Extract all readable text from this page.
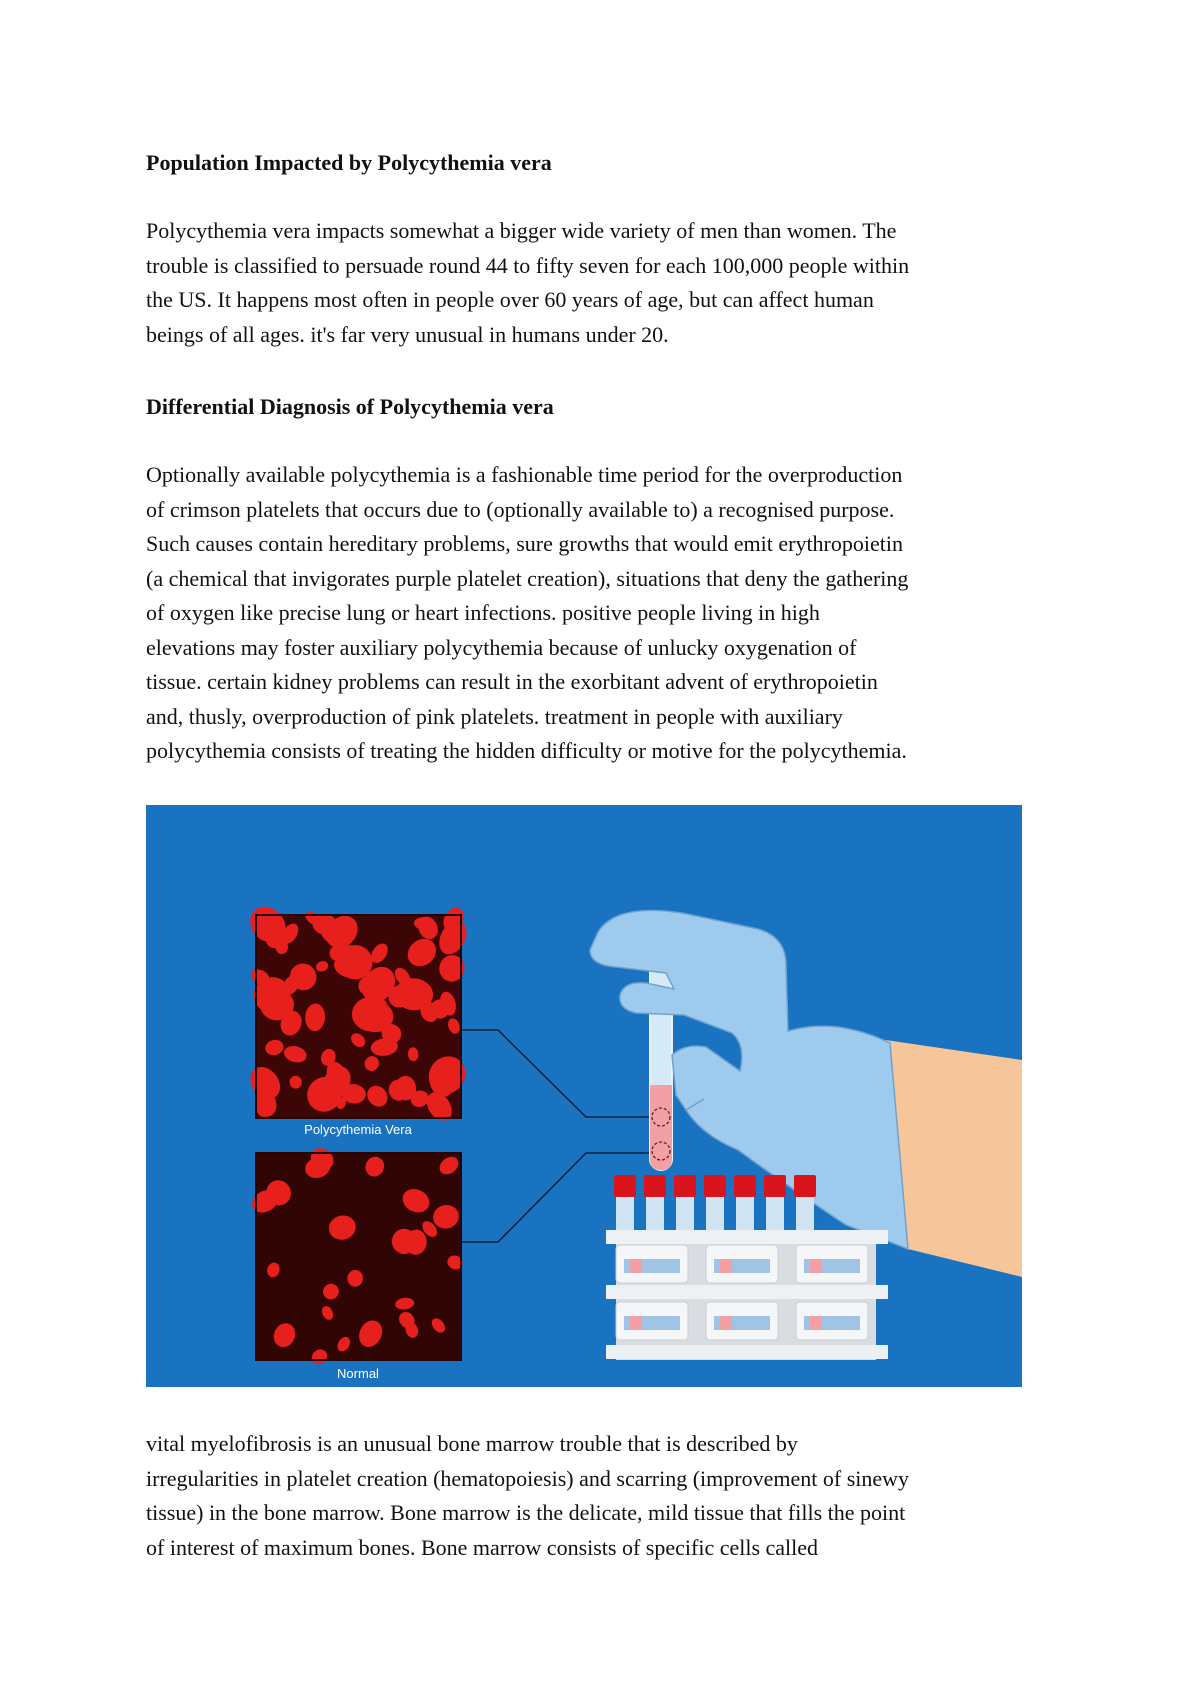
Population Impacted by Polycythemia vera

Polycythemia vera impacts somewhat a bigger wide variety of men than women. The
trouble is classified to persuade round 44 to fifty seven for each 100,000 people within
the US. It happens most often in people over 60 years of age, but can affect human
beings of all ages. it's far very unusual in humans under 20.

Differential Diagnosis of Polycythemia vera

Optionally available polycythemia is a fashionable time period for the overproduction
of crimson platelets that occurs due to (optionally available to) a recognised purpose.
Such causes contain hereditary problems, sure growths that would emit erythropoietin
(a chemical that invigorates purple platelet creation), situations that deny the gathering
of oxygen like precise lung or heart infections. positive people living in high
elevations may foster auxiliary polycythemia because of unlucky oxygenation of
tissue. certain kidney problems can result in the exorbitant advent of erythropoietin
and, thusly, overproduction of pink platelets. treatment in people with auxiliary
polycythemia consists of treating the hidden difficulty or motive for the polycythemia.

Polycythemia Vera
Normal

vital myelofibrosis is an unusual bone marrow trouble that is described by
irregularities in platelet creation (hematopoiesis) and scarring (improvement of sinewy
tissue) in the bone marrow. Bone marrow is the delicate, mild tissue that fills the point
of interest of maximum bones. Bone marrow consists of specific cells called
